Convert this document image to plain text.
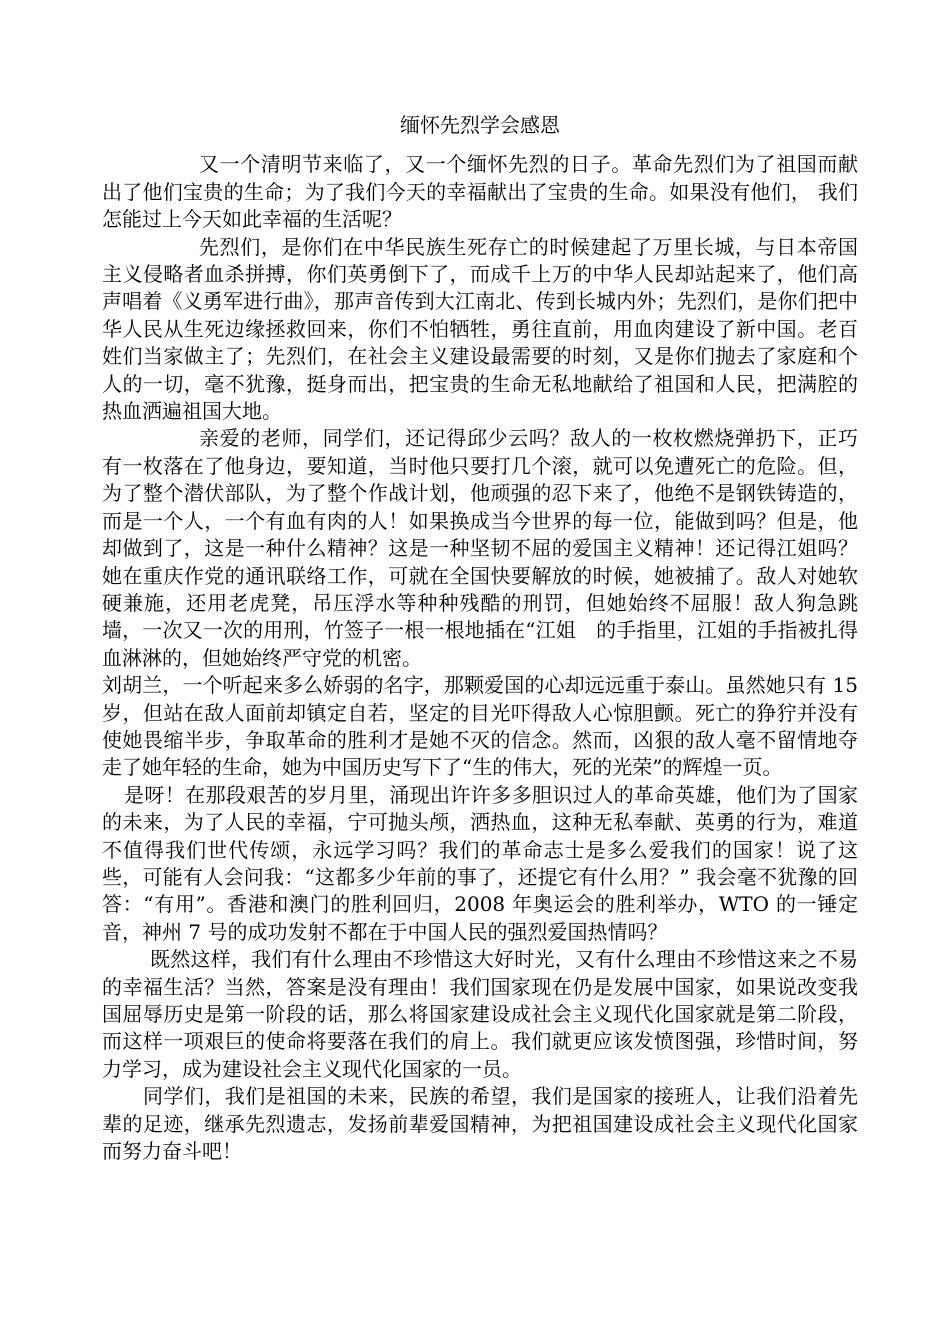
缅怀先烈学会感恩

又一个清明节来临了，又一个缅怀先烈的日子。革命先烈们为了祖国而献出了他们宝贵的生命；为了我们今天的幸福献出了宝贵的生命。如果没有他们， 我们怎能过上今天如此幸福的生活呢？

先烈们，是你们在中华民族生死存亡的时候建起了万里长城，与日本帝国主义侵略者血杀拼搏，你们英勇倒下了，而成千上万的中华人民却站起来了，他们高声唱着《义勇军进行曲》，那声音传到大江南北、传到长城内外；先烈们，是你们把中华人民从生死边缘拯救回来，你们不怕牺牲，勇往直前，用血肉建设了新中国。老百姓们当家做主了；先烈们，在社会主义建设最需要的时刻，又是你们抛去了家庭和个人的一切，毫不犹豫，挺身而出，把宝贵的生命无私地献给了祖国和人民，把满腔的热血洒遍祖国大地。

亲爱的老师，同学们，还记得邱少云吗？敌人的一枚枚燃烧弹扔下，正巧有一枚落在了他身边，要知道，当时他只要打几个滚，就可以免遭死亡的危险。但，为了整个潜伏部队，为了整个作战计划，他顽强的忍下来了，他绝不是钢铁铸造的，而是一个人，一个有血有肉的人！如果换成当今世界的每一位，能做到吗？但是，他却做到了，这是一种什么精神？这是一种坚韧不屈的爱国主义精神！还记得江姐吗？她在重庆作党的通讯联络工作，可就在全国快要解放的时候，她被捕了。敌人对她软硬兼施，还用老虎凳，吊压浮水等种种残酷的刑罚，但她始终不屈服！敌人狗急跳墙，一次又一次的用刑，竹签子一根一根地插在“江姐　的手指里，江姐的手指被扎得血淋淋的，但她始终严守党的机密。

刘胡兰，一个听起来多么娇弱的名字，那颗爱国的心却远远重于泰山。虽然她只有 15 岁，但站在敌人面前却镇定自若，坚定的目光吓得敌人心惊胆颤。死亡的狰狞并没有使她畏缩半步，争取革命的胜利才是她不灭的信念。然而，凶狠的敌人毫不留情地夺走了她年轻的生命，她为中国历史写下了“生的伟大，死的光荣”的辉煌一页。

是呀！在那段艰苦的岁月里，涌现出许许多多胆识过人的革命英雄，他们为了国家的未来，为了人民的幸福，宁可抛头颅，洒热血，这种无私奉献、英勇的行为，难道不值得我们世代传颂，永远学习吗？我们的革命志士是多么爱我们的国家！说了这些，可能有人会问我：“这都多少年前的事了，还提它有什么用？” 我会毫不犹豫的回答：“有用”。香港和澳门的胜利回归，2008 年奥运会的胜利举办，WTO 的一锤定音，神州 7 号的成功发射不都在于中国人民的强烈爱国热情吗？

既然这样，我们有什么理由不珍惜这大好时光，又有什么理由不珍惜这来之不易的幸福生活？当然，答案是没有理由！我们国家现在仍是发展中国家，如果说改变我国屈辱历史是第一阶段的话，那么将国家建设成社会主义现代化国家就是第二阶段，而这样一项艰巨的使命将要落在我们的肩上。我们就更应该发愤图强，珍惜时间，努力学习，成为建设社会主义现代化国家的一员。

同学们，我们是祖国的未来，民族的希望，我们是国家的接班人，让我们沿着先辈的足迹，继承先烈遗志，发扬前辈爱国精神，为把祖国建设成社会主义现代化国家而努力奋斗吧！
